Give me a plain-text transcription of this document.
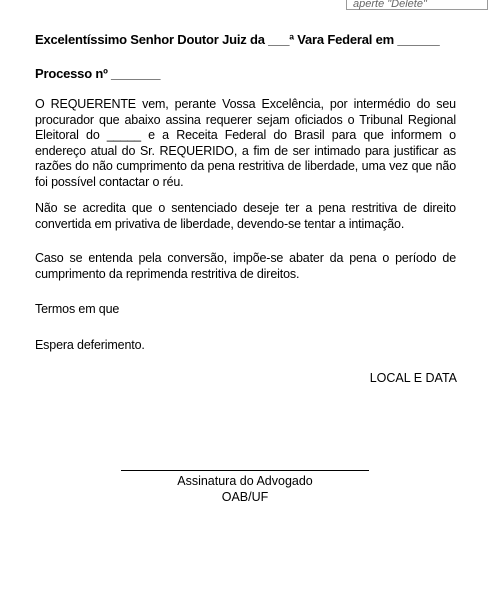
aperte "Delete"
Excelentíssimo Senhor Doutor Juiz da ___ª Vara Federal em ______
Processo nº _______
O REQUERENTE vem, perante Vossa Excelência, por intermédio do seu procurador que abaixo assina requerer sejam oficiados o Tribunal Regional Eleitoral do _____ e a Receita Federal do Brasil para que informem o endereço atual do Sr. REQUERIDO, a fim de ser intimado para justificar as razões do não cumprimento da pena restritiva de liberdade, uma vez que não foi possível contactar o réu.
Não se acredita que o sentenciado deseje ter a pena restritiva de direito convertida em privativa de liberdade, devendo-se tentar a intimação.
Caso se entenda pela conversão, impõe-se abater da pena o período de cumprimento da reprimenda restritiva de direitos.
Termos em que
Espera deferimento.
LOCAL E DATA
Assinatura do Advogado
OAB/UF
